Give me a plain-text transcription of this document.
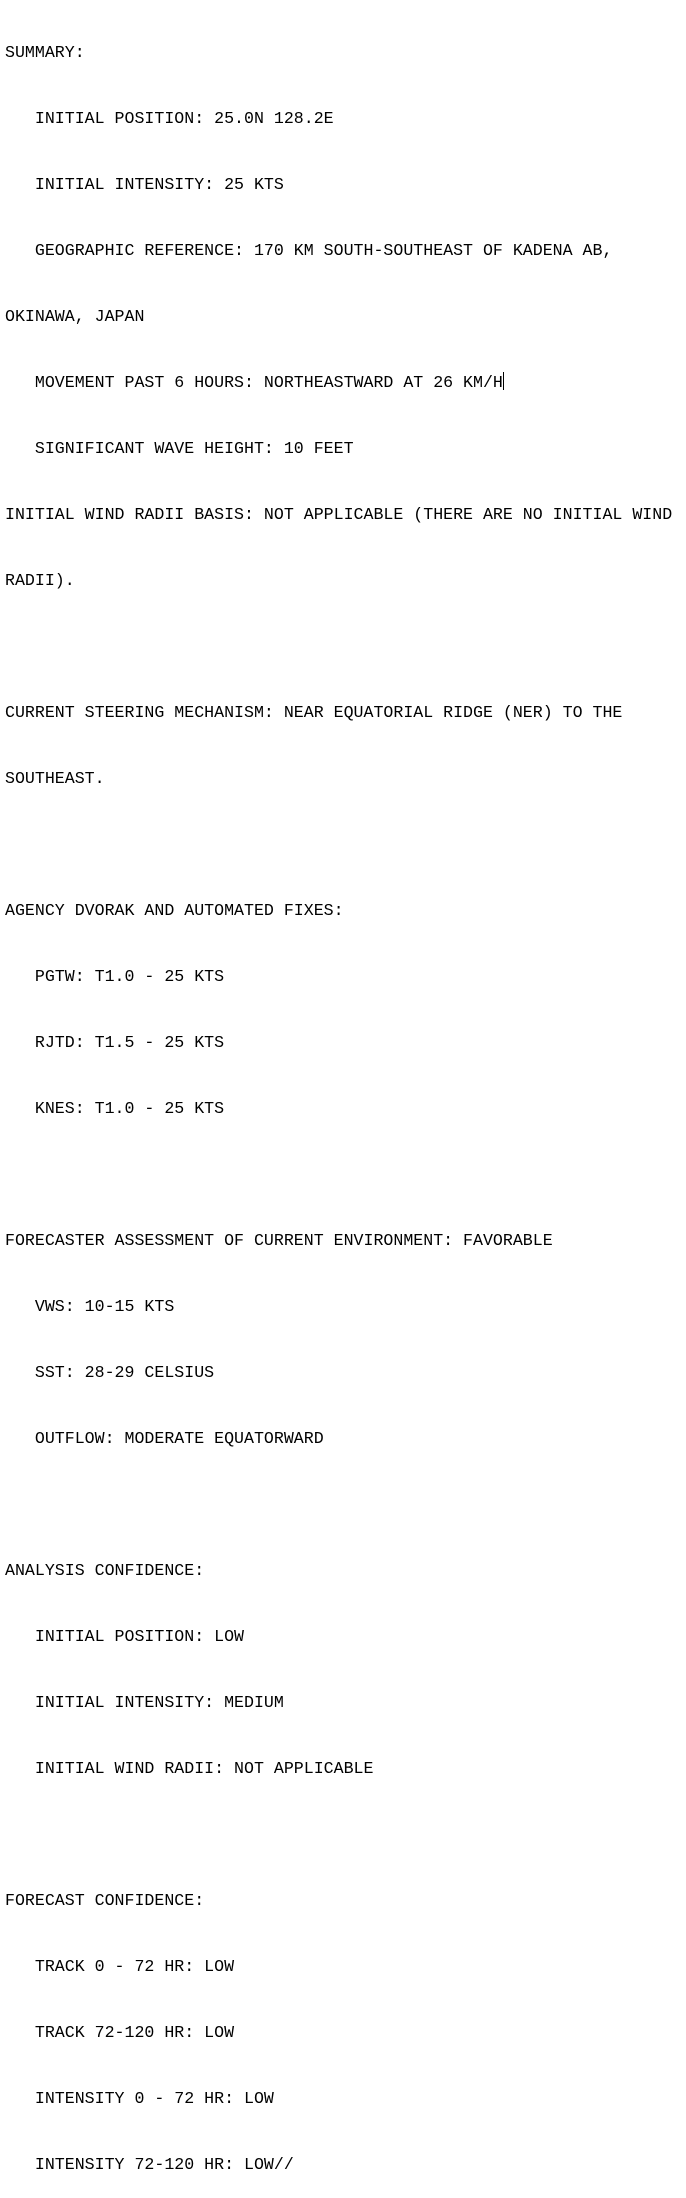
SUMMARY:

INITIAL POSITION: 25.0N 128.2E

INITIAL INTENSITY: 25 KTS

GEOGRAPHIC REFERENCE: 170 KM SOUTH-SOUTHEAST OF KADENA AB,

OKINAWA, JAPAN

MOVEMENT PAST 6 HOURS: NORTHEASTWARD AT 26 KM/H

SIGNIFICANT WAVE HEIGHT: 10 FEET

INITIAL WIND RADII BASIS: NOT APPLICABLE (THERE ARE NO INITIAL WIND

RADII).

CURRENT STEERING MECHANISM: NEAR EQUATORIAL RIDGE (NER) TO THE

SOUTHEAST.

AGENCY DVORAK AND AUTOMATED FIXES:

PGTW: T1.0 - 25 KTS

RJTD: T1.5 - 25 KTS

KNES: T1.0 - 25 KTS

FORECASTER ASSESSMENT OF CURRENT ENVIRONMENT: FAVORABLE

VWS: 10-15 KTS

SST: 28-29 CELSIUS

OUTFLOW: MODERATE EQUATORWARD

ANALYSIS CONFIDENCE:

INITIAL POSITION: LOW

INITIAL INTENSITY: MEDIUM

INITIAL WIND RADII: NOT APPLICABLE

FORECAST CONFIDENCE:

TRACK 0 - 72 HR: LOW

TRACK 72-120 HR: LOW

INTENSITY 0 - 72 HR: LOW

INTENSITY 72-120 HR: LOW//
